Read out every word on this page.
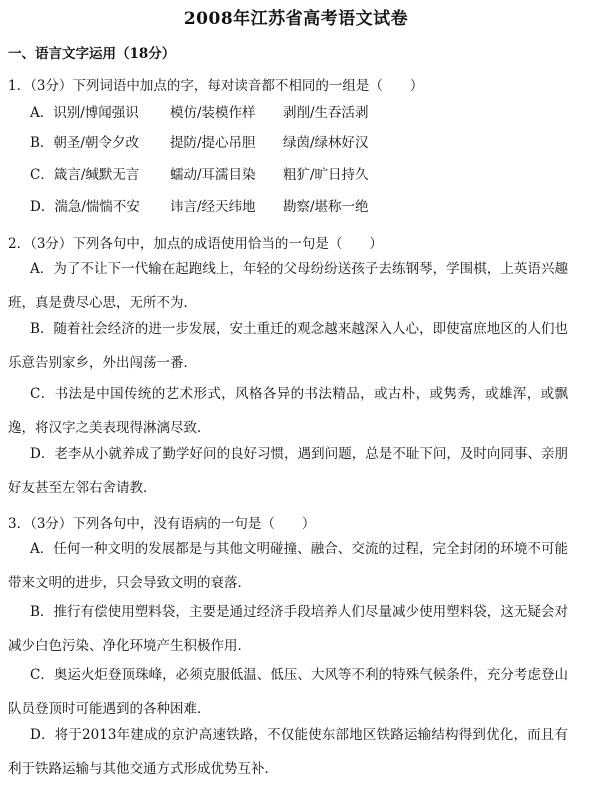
2008年江苏省高考语文试卷
一、语言文字运用（18分）
1．（3分）下列词语中加点的字，每对读音都不相同的一组是（　　）
A．识别/博闻强识 模仿/装模作样 剥削/生吞活剥
B．朝圣/朝令夕改 提防/提心吊胆 绿茵/绿林好汉
C．箴言/缄默无言 蠕动/耳濡目染 粗犷/旷日持久
D．湍急/惴惴不安 讳言/经天纬地 勘察/堪称一绝
2．（3分）下列各句中，加点的成语使用恰当的一句是（　　）
A．为了不让下一代输在起跑线上，年轻的父母纷纷送孩子去练钢琴，学围棋，上英语兴趣班，真是费尽心思，无所不为．
B．随着社会经济的进一步发展，安土重迁的观念越来越深入人心，即使富庶地区的人们也乐意告别家乡，外出闯荡一番．
C．书法是中国传统的艺术形式，风格各异的书法精品，或古朴，或隽秀，或雄浑，或飘逸，将汉字之美表现得淋漓尽致．
D．老李从小就养成了勤学好问的良好习惯，遇到问题，总是不耻下问，及时向同事、亲朋好友甚至左邻右舍请教．
3．（3分）下列各句中，没有语病的一句是（　　）
A．任何一种文明的发展都是与其他文明碰撞、融合、交流的过程，完全封闭的环境不可能带来文明的进步，只会导致文明的衰落．
B．推行有偿使用塑料袋，主要是通过经济手段培养人们尽量减少使用塑料袋，这无疑会对减少白色污染、净化环境产生积极作用．
C．奥运火炬登顶珠峰，必须克服低温、低压、大风等不利的特殊气候条件，充分考虑登山队员登顶时可能遇到的各种困难．
D．将于2013年建成的京沪高速铁路，不仅能使东部地区铁路运输结构得到优化，而且有利于铁路运输与其他交通方式形成优势互补．
